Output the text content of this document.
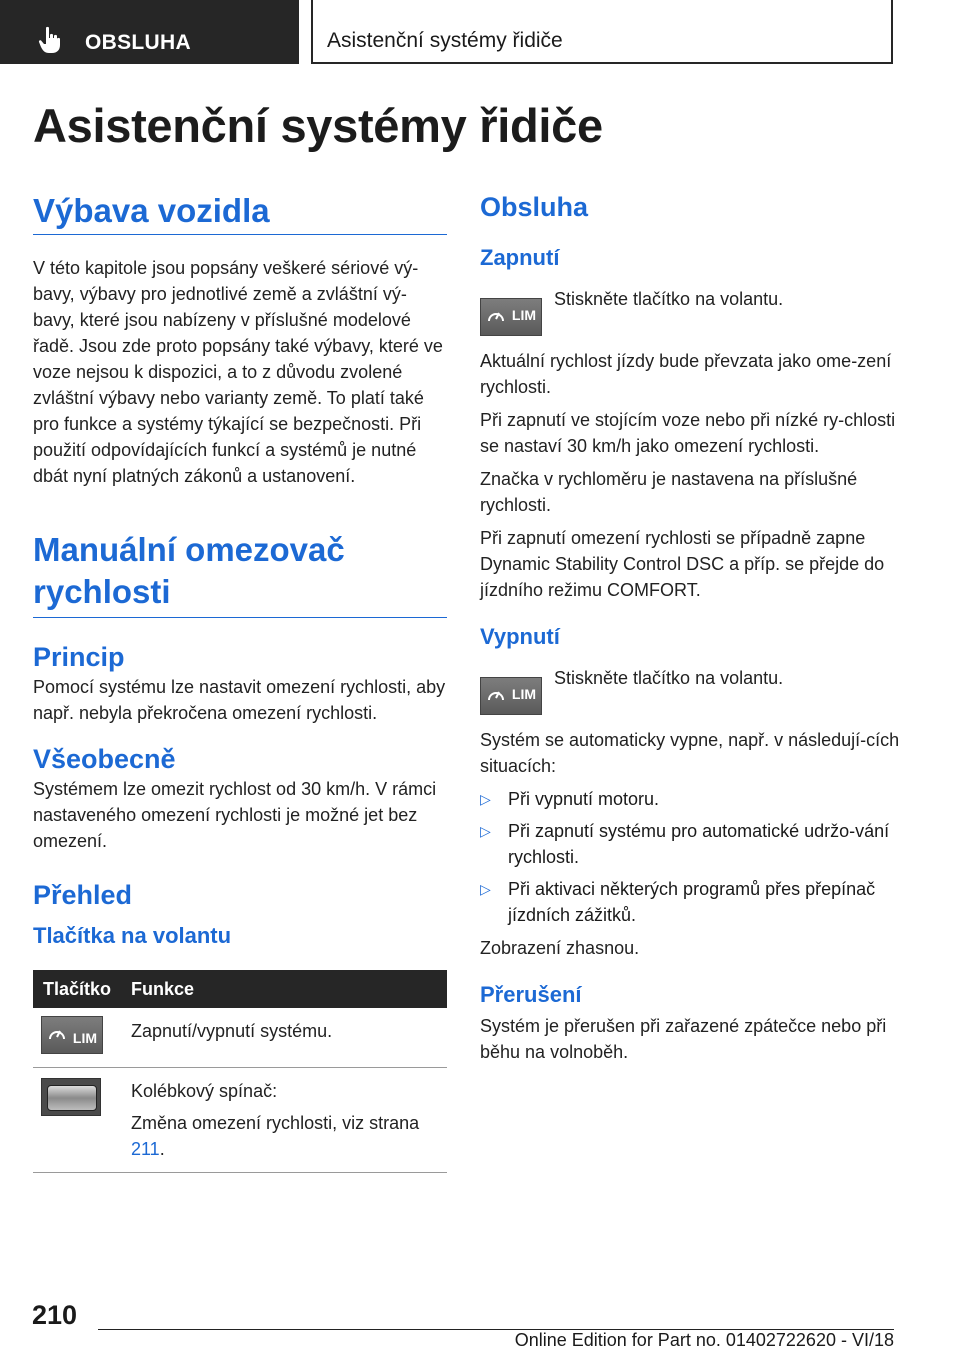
OBSLUHA	Asistenční systémy řidiče
Asistenční systémy řidiče
Výbava vozidla

V této kapitole jsou popsány veškeré sériové vý‐bavy, výbavy pro jednotlivé země a zvláštní vý‐bavy, které jsou nabízeny v příslušné modelové řadě. Jsou zde proto popsány také výbavy, které ve voze nejsou k dispozici, a to z důvodu zvolené zvláštní výbavy nebo varianty země. To platí také pro funkce a systémy týkající se bezpečnosti. Při použití odpovídajících funkcí a systémů je nutné dbát nyní platných zákonů a ustanovení.

Manuální omezovač
rychlosti
Princip

Pomocí systému lze nastavit omezení rychlosti, aby např. nebyla překročena omezení rychlosti.

Všeobecně

Systémem lze omezit rychlost od 30 km/h. V rámci nastaveného omezení rychlosti je možné jet bez omezení.

Přehled
Tlačítka na volantu
Tlačítko	Funkce

LIM	Zapnutí/vypnutí systému.

	Kolébkový spínač:
Změna omezení rychlosti, viz strana 211.
Obsluha
Zapnutí
LIM

Stiskněte tlačítko na volantu.

Aktuální rychlost jízdy bude převzata jako ome‐zení rychlosti.

Při zapnutí ve stojícím voze nebo při nízké ry‐chlosti se nastaví 30 km/h jako omezení rychlosti.

Značka v rychloměru je nastavena na příslušné rychlosti.

Při zapnutí omezení rychlosti se případně zapne Dynamic Stability Control DSC a příp. se přejde do jízdního režimu COMFORT.

Vypnutí
LIM

Stiskněte tlačítko na volantu.

Systém se automaticky vypne, např. v následují‐cích situacích:

▷ Při vypnutí motoru.
▷ Při zapnutí systému pro automatické udržo‐vání rychlosti.
▷ Při aktivaci některých programů přes přepínač jízdních zážitků.

Zobrazení zhasnou.

Přerušení

Systém je přerušen při zařazené zpátečce nebo při běhu na volnoběh.

210
Online Edition for Part no. 01402722620 - VI/18
